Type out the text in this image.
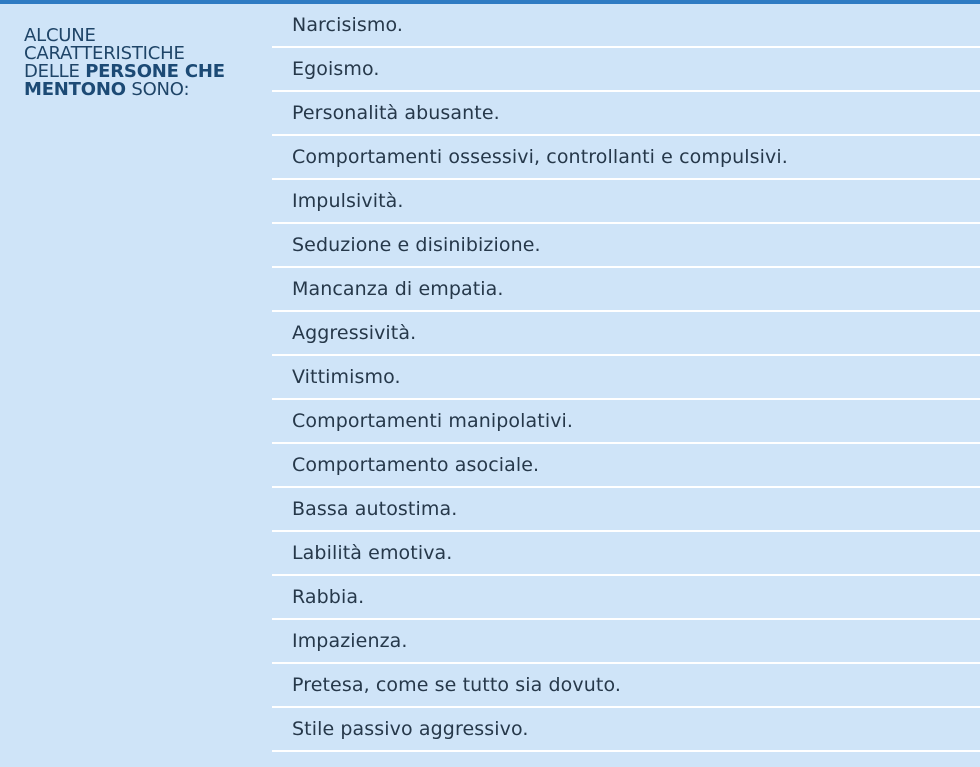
ALCUNE
CARATTERISTICHE
DELLE PERSONE CHE
MENTONO SONO:
Narcisismo.
Egoismo.
Personalità abusante.
Comportamenti ossessivi, controllanti e compulsivi.
Impulsività.
Seduzione e disinibizione.
Mancanza di empatia.
Aggressività.
Vittimismo.
Comportamenti manipolativi.
Comportamento asociale.
Bassa autostima.
Labilità emotiva.
Rabbia.
Impazienza.
Pretesa, come se tutto sia dovuto.
Stile passivo aggressivo.
